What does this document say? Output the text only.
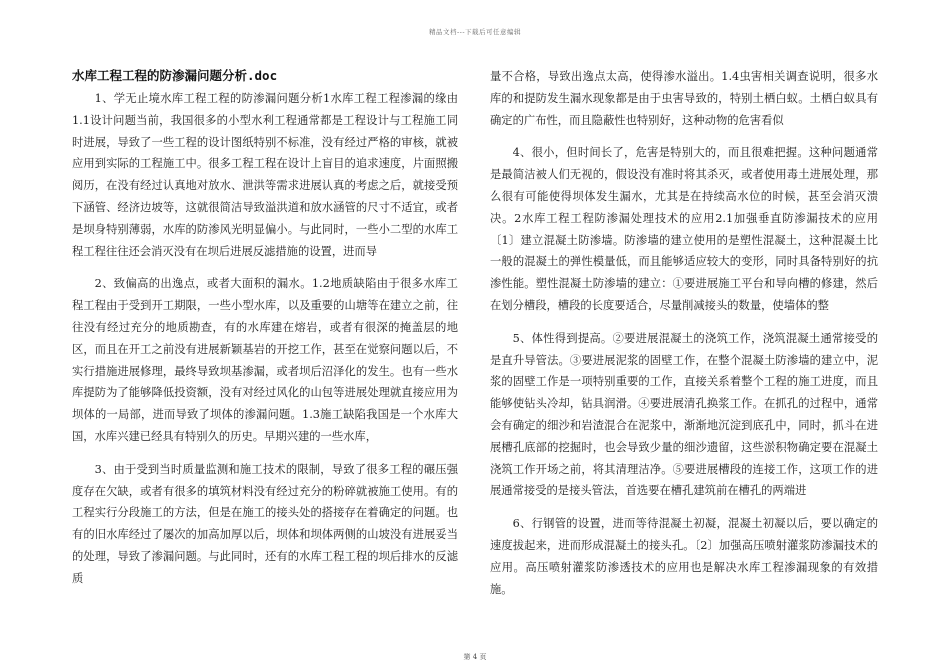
精品文档---下载后可任意编辑
水库工程工程的防渗漏问题分析.doc

1、学无止境水库工程工程的防渗漏问题分析1水库工程工程渗漏的缘由1.1设计问题当前，我国很多的小型水利工程通常都是工程设计与工程施工同时进展，导致了一些工程的设计图纸特别不标准，没有经过严格的审核，就被应用到实际的工程施工中。很多工程工程在设计上盲目的追求速度，片面照搬阅历，在没有经过认真地对放水、泄洪等需求进展认真的考虑之后，就接受预下涵管、经济边坡等，这就很简洁导致溢洪道和放水涵管的尺寸不适宜，或者是坝身特别薄弱，水库的防渗风光明显偏小。与此同时，一些小二型的水库工程工程往往还会消灭没有在坝后进展反滤措施的设置，进而导

2、致偏高的出逸点，或者大面积的漏水。1.2地质缺陷由于很多水库工程工程由于受到开工期限，一些小型水库，以及重要的山塘等在建立之前，往往没有经过充分的地质勘查，有的水库建在熔岩，或者有很深的掩盖层的地区，而且在开工之前没有进展新颖基岩的开挖工作，甚至在觉察问题以后，不实行措施进展修理，最终导致坝基渗漏，或者坝后沼泽化的发生。也有一些水库提防为了能够降低投资额，没有对经过风化的山包等进展处理就直接应用为坝体的一局部，进而导致了坝体的渗漏问题。1.3施工缺陷我国是一个水库大国，水库兴建已经具有特别久的历史。早期兴建的一些水库，

3、由于受到当时质量监测和施工技术的限制，导致了很多工程的碾压强度存在欠缺，或者有很多的填筑材料没有经过充分的粉碎就被施工使用。有的工程实行分段施工的方法，但是在施工的接头处的搭接存在着确定的问题。也有的旧水库经过了屡次的加高加厚以后，坝体和坝体两侧的山坡没有进展妥当的处理，导致了渗漏问题。与此同时，还有的水库工程工程的坝后排水的反滤质

量不合格，导致出逸点太高，使得渗水溢出。1.4虫害相关调查说明，很多水库的和提防发生漏水现象都是由于虫害导致的，特别土栖白蚁。土栖白蚁具有确定的广布性，而且隐蔽性也特别好，这种动物的危害看似

4、很小，但时间长了，危害是特别大的，而且很难把握。这种问题通常是最简洁被人们无视的，假设没有准时将其杀灭，或者使用毒土进展处理，那么很有可能使得坝体发生漏水，尤其是在持续高水位的时候，甚至会消灭溃决。2水库工程工程防渗漏处理技术的应用2.1加强垂直防渗漏技术的应用〔1〕建立混凝土防渗墙。防渗墙的建立使用的是塑性混凝土，这种混凝土比一般的混凝土的弹性模量低，而且能够适应较大的变形，同时具备特别好的抗渗性能。塑性混凝土防渗墙的建立：①要进展施工平台和导向槽的修建，然后在划分槽段，槽段的长度要适合，尽量削减接头的数量，使墙体的整

5、体性得到提高。②要进展混凝土的浇筑工作，浇筑混凝土通常接受的是直升导管法。③要进展泥浆的固壁工作，在整个混凝土防渗墙的建立中，泥浆的固壁工作是一项特别重要的工作，直接关系着整个工程的施工进度，而且能够使钻头冷却，钻具润滑。④要进展清孔换浆工作。在抓孔的过程中，通常会有确定的细沙和岩渣混合在泥浆中，渐渐地沉淀到底孔中，同时，抓斗在进展槽孔底部的挖掘时，也会导致少量的细沙遗留，这些淤积物确定要在混凝土浇筑工作开场之前，将其清理洁净。⑤要进展槽段的连接工作，这项工作的进展通常接受的是接头管法，首选要在槽孔建筑前在槽孔的两端进

6、行钢管的设置，进而等待混凝土初凝，混凝土初凝以后，要以确定的速度拔起来，进而形成混凝土的接头孔。〔2〕加强高压喷射灌浆防渗漏技术的应用。高压喷射灌浆防渗透技术的应用也是解决水库工程渗漏现象的有效措施。

第 4 页
